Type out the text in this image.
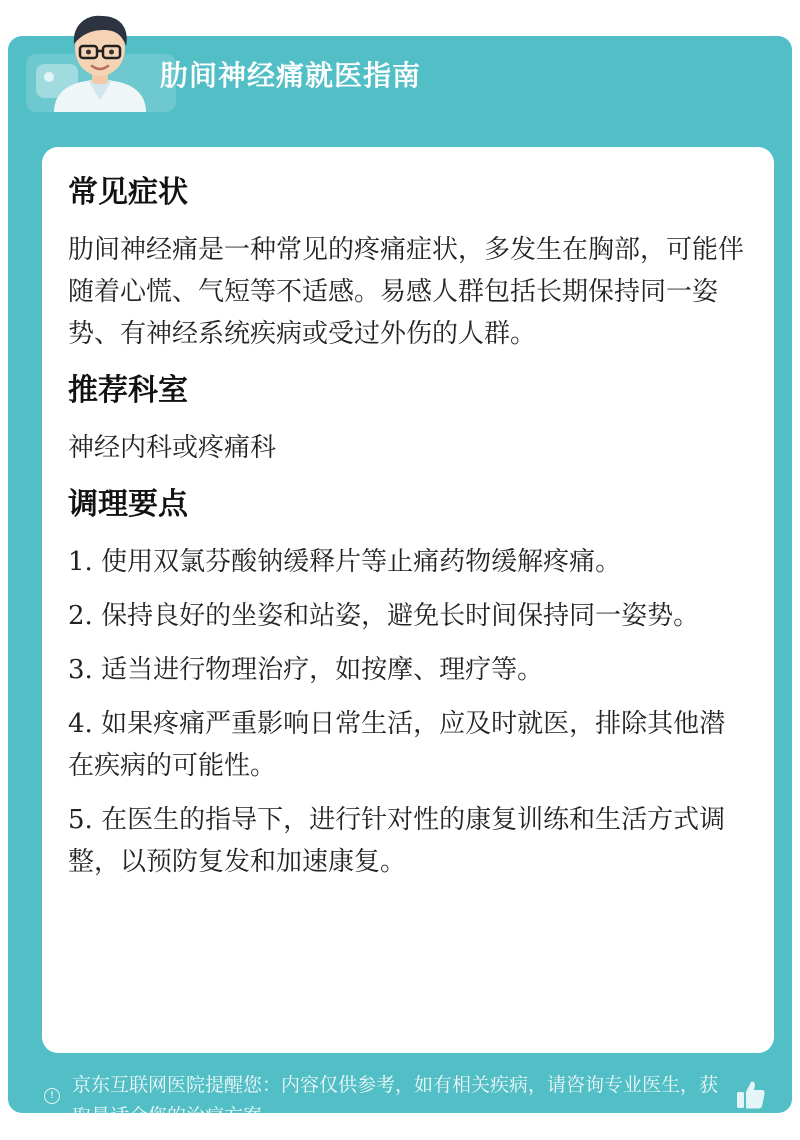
肋间神经痛就医指南
常见症状
肋间神经痛是一种常见的疼痛症状，多发生在胸部，可能伴随着心慌、气短等不适感。易感人群包括长期保持同一姿势、有神经系统疾病或受过外伤的人群。
推荐科室
神经内科或疼痛科
调理要点
1. 使用双氯芬酸钠缓释片等止痛药物缓解疼痛。
2. 保持良好的坐姿和站姿，避免长时间保持同一姿势。
3. 适当进行物理治疗，如按摩、理疗等。
4. 如果疼痛严重影响日常生活，应及时就医，排除其他潜在疾病的可能性。
5. 在医生的指导下，进行针对性的康复训练和生活方式调整，以预防复发和加速康复。
! 京东互联网医院提醒您：内容仅供参考，如有相关疾病，请咨询专业医生，获取最适合您的治疗方案
